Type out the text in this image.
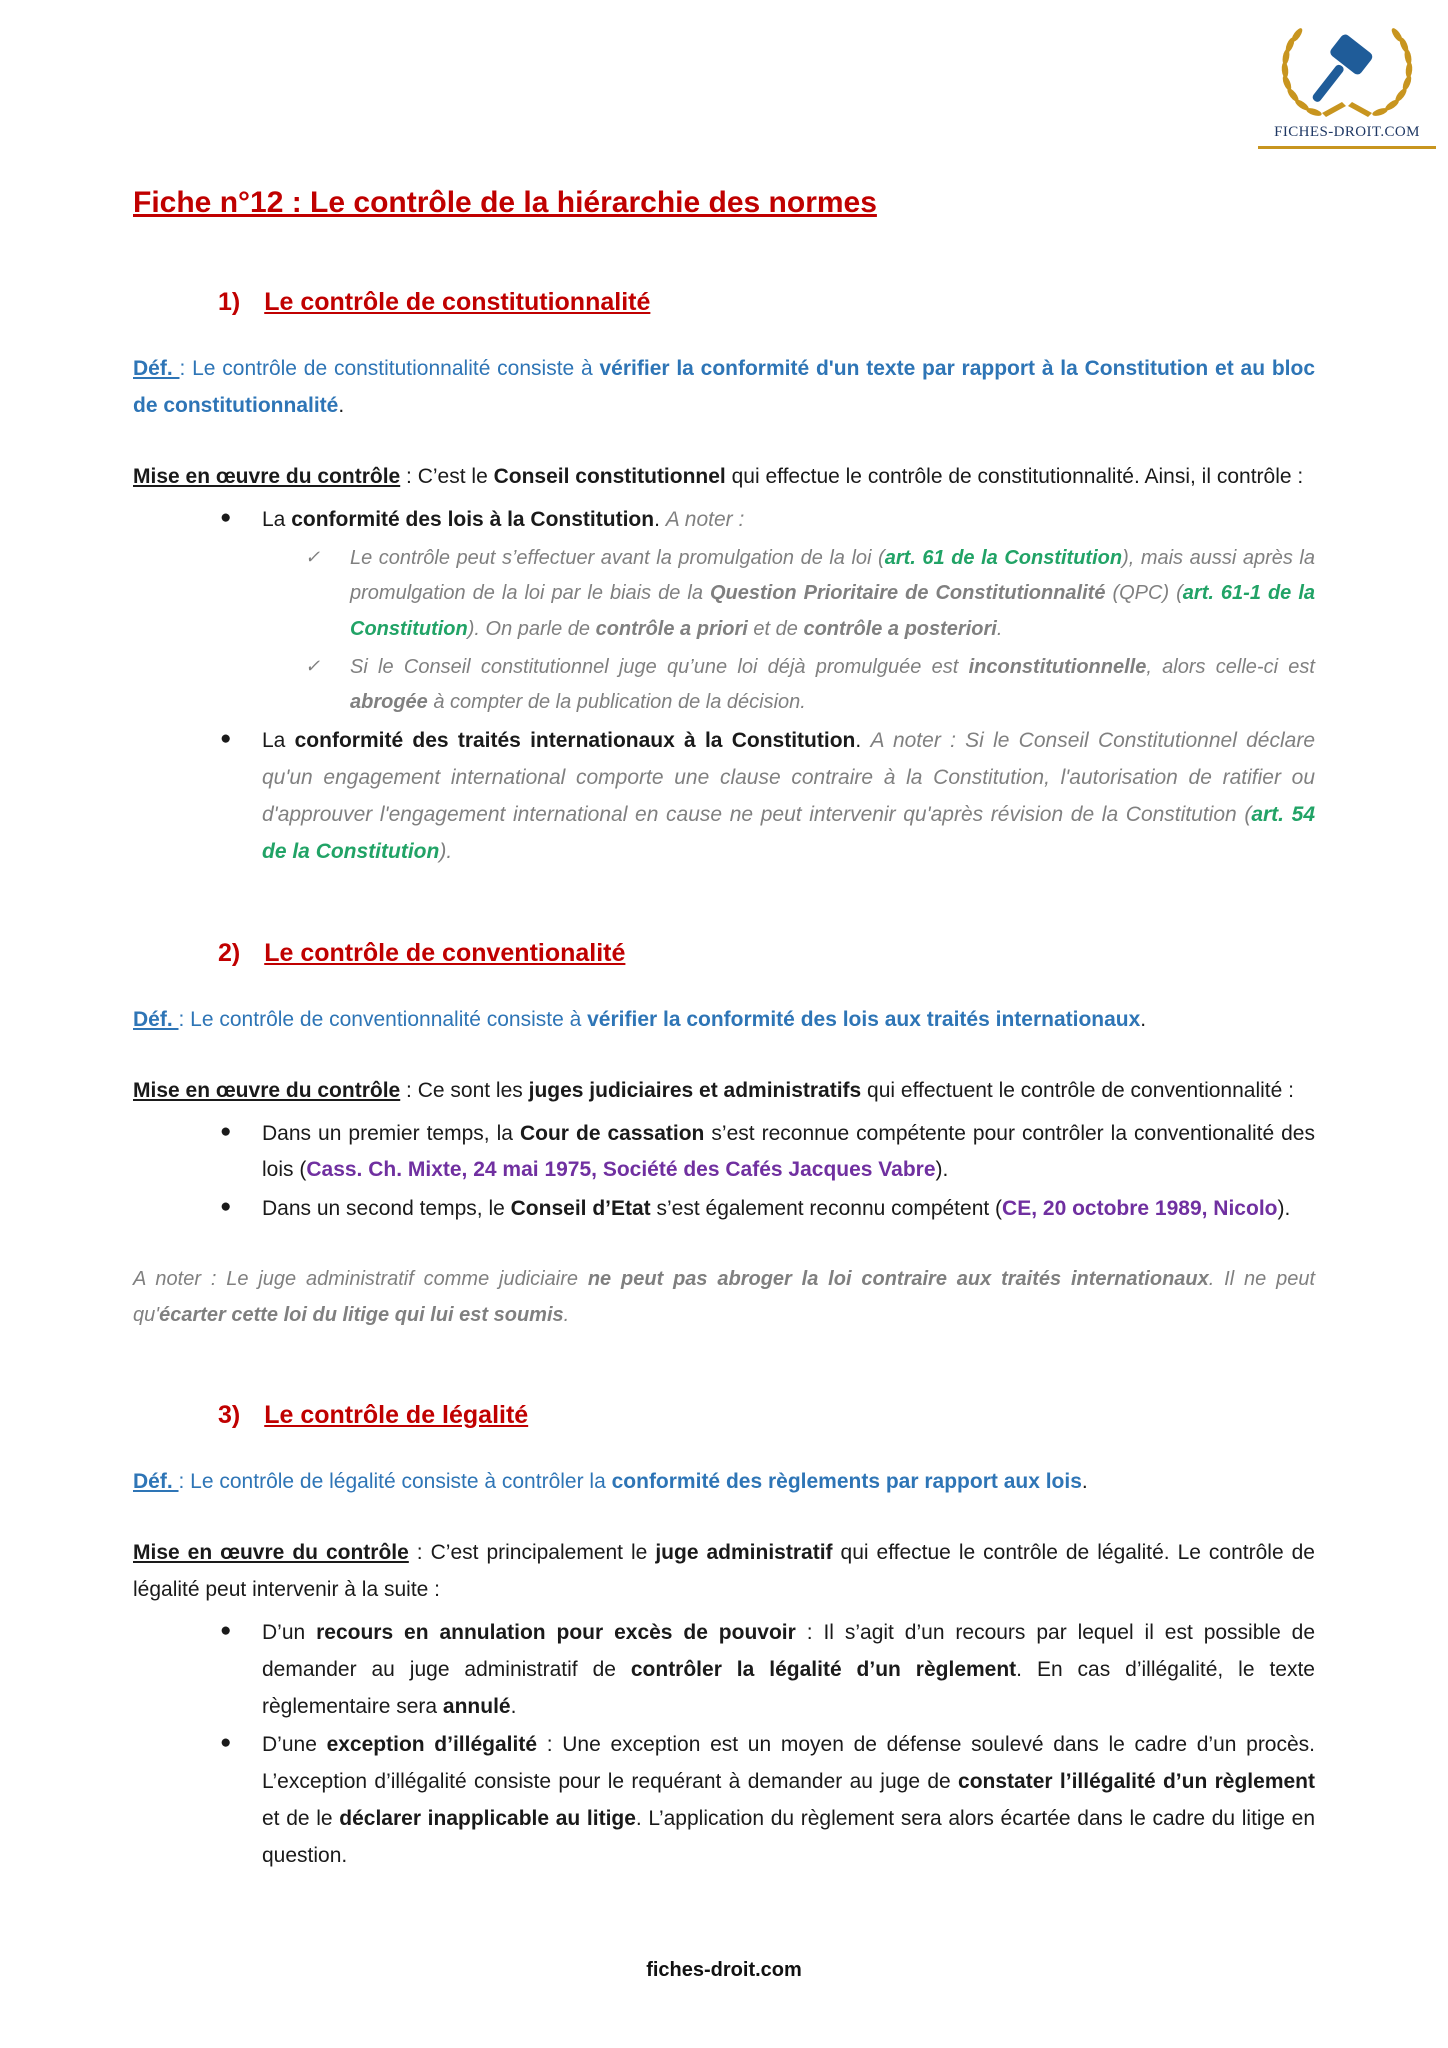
FICHES-DROIT.COM
Fiche n°12 : Le contrôle de la hiérarchie des normes
1) Le contrôle de constitutionnalité

Déf. : Le contrôle de constitutionnalité consiste à vérifier la conformité d'un texte par rapport à la Constitution et au bloc de constitutionnalité.

Mise en œuvre du contrôle : C’est le Conseil constitutionnel qui effectue le contrôle de constitutionnalité. Ainsi, il contrôle :

● La conformité des lois à la Constitution. A noter :
✓ Le contrôle peut s’effectuer avant la promulgation de la loi (art. 61 de la Constitution), mais aussi après la promulgation de la loi par le biais de la Question Prioritaire de Constitutionnalité (QPC) (art. 61-1 de la Constitution). On parle de contrôle a priori et de contrôle a posteriori.
✓ Si le Conseil constitutionnel juge qu’une loi déjà promulguée est inconstitutionnelle, alors celle-ci est abrogée à compter de la publication de la décision.
● La conformité des traités internationaux à la Constitution. A noter : Si le Conseil Constitutionnel déclare qu'un engagement international comporte une clause contraire à la Constitution, l'autorisation de ratifier ou d'approuver l'engagement international en cause ne peut intervenir qu'après révision de la Constitution (art. 54 de la Constitution).
2) Le contrôle de conventionalité

Déf. : Le contrôle de conventionnalité consiste à vérifier la conformité des lois aux traités internationaux.

Mise en œuvre du contrôle : Ce sont les juges judiciaires et administratifs qui effectuent le contrôle de conventionnalité :

● Dans un premier temps, la Cour de cassation s’est reconnue compétente pour contrôler la conventionalité des lois (Cass. Ch. Mixte, 24 mai 1975, Société des Cafés Jacques Vabre).
● Dans un second temps, le Conseil d’Etat s’est également reconnu compétent (CE, 20 octobre 1989, Nicolo).

A noter : Le juge administratif comme judiciaire ne peut pas abroger la loi contraire aux traités internationaux. Il ne peut qu'écarter cette loi du litige qui lui est soumis.

3) Le contrôle de légalité

Déf. : Le contrôle de légalité consiste à contrôler la conformité des règlements par rapport aux lois.

Mise en œuvre du contrôle : C’est principalement le juge administratif qui effectue le contrôle de légalité. Le contrôle de légalité peut intervenir à la suite :

● D’un recours en annulation pour excès de pouvoir : Il s’agit d’un recours par lequel il est possible de demander au juge administratif de contrôler la légalité d’un règlement. En cas d’illégalité, le texte règlementaire sera annulé.
● D’une exception d’illégalité : Une exception est un moyen de défense soulevé dans le cadre d’un procès. L’exception d’illégalité consiste pour le requérant à demander au juge de constater l’illégalité d’un règlement et de le déclarer inapplicable au litige. L’application du règlement sera alors écartée dans le cadre du litige en question.
fiches-droit.com
